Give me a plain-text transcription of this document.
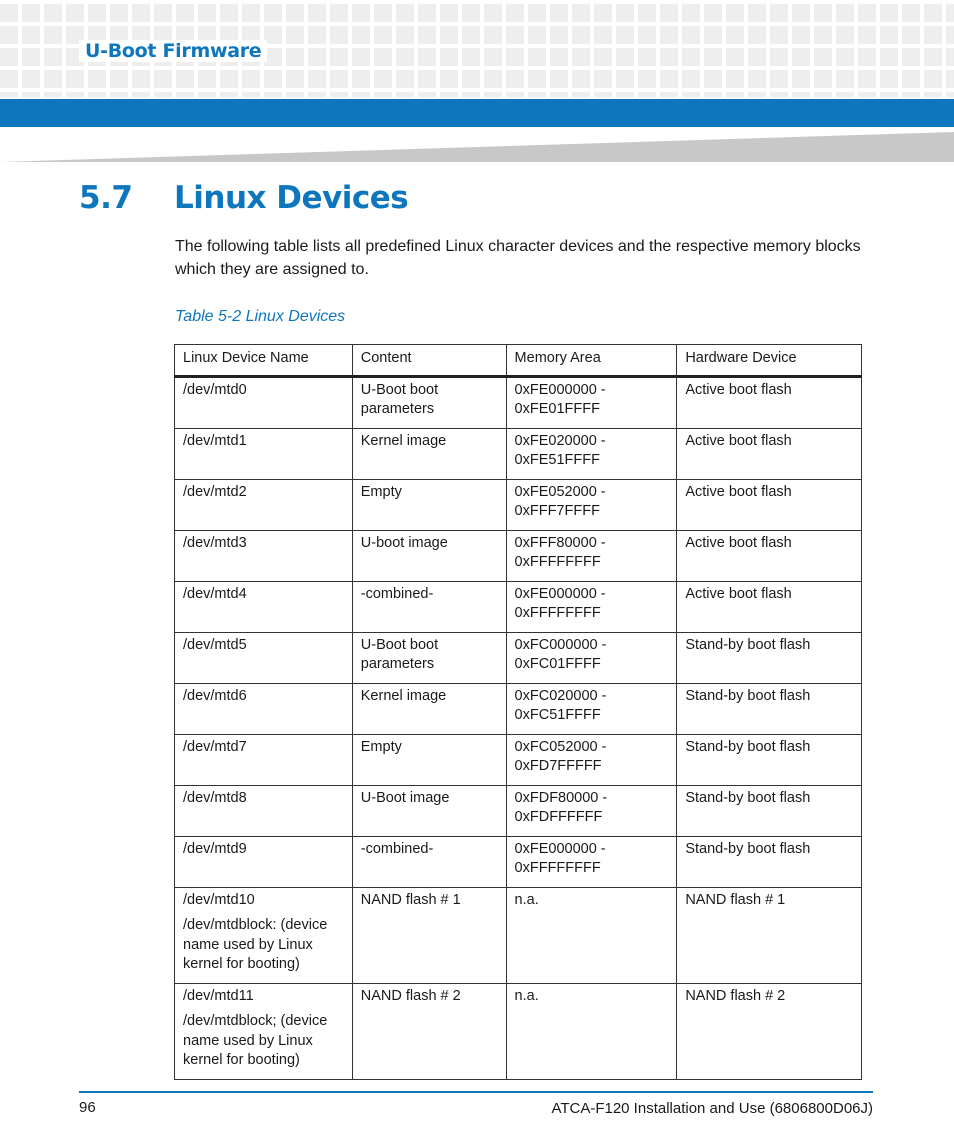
U-Boot Firmware
5.7 Linux Devices

The following table lists all predefined Linux character devices and the respective memory blocks which they are assigned to.

Table 5-2 Linux Devices
Linux Device Name	Content	Memory Area	Hardware Device
/dev/mtd0	U-Boot boot parameters	0xFE000000 - 0xFE01FFFF	Active boot flash
/dev/mtd1	Kernel image	0xFE020000 - 0xFE51FFFF	Active boot flash
/dev/mtd2	Empty	0xFE052000 - 0xFFF7FFFF	Active boot flash
/dev/mtd3	U-boot image	0xFFF80000 - 0xFFFFFFFF	Active boot flash
/dev/mtd4	-combined-	0xFE000000 - 0xFFFFFFFF	Active boot flash
/dev/mtd5	U-Boot boot parameters	0xFC000000 - 0xFC01FFFF	Stand-by boot flash
/dev/mtd6	Kernel image	0xFC020000 - 0xFC51FFFF	Stand-by boot flash
/dev/mtd7	Empty	0xFC052000 - 0xFD7FFFFF	Stand-by boot flash
/dev/mtd8	U-Boot image	0xFDF80000 - 0xFDFFFFFF	Stand-by boot flash
/dev/mtd9	-combined-	0xFE000000 - 0xFFFFFFFF	Stand-by boot flash

/dev/mtd10
/dev/mtdblock: (device name used by Linux kernel for booting)	NAND flash # 1	n.a.	NAND flash # 1

/dev/mtd11
/dev/mtdblock; (device name used by Linux kernel for booting)	NAND flash # 2	n.a.	NAND flash # 2
96	ATCA-F120 Installation and Use (6806800D06J)
